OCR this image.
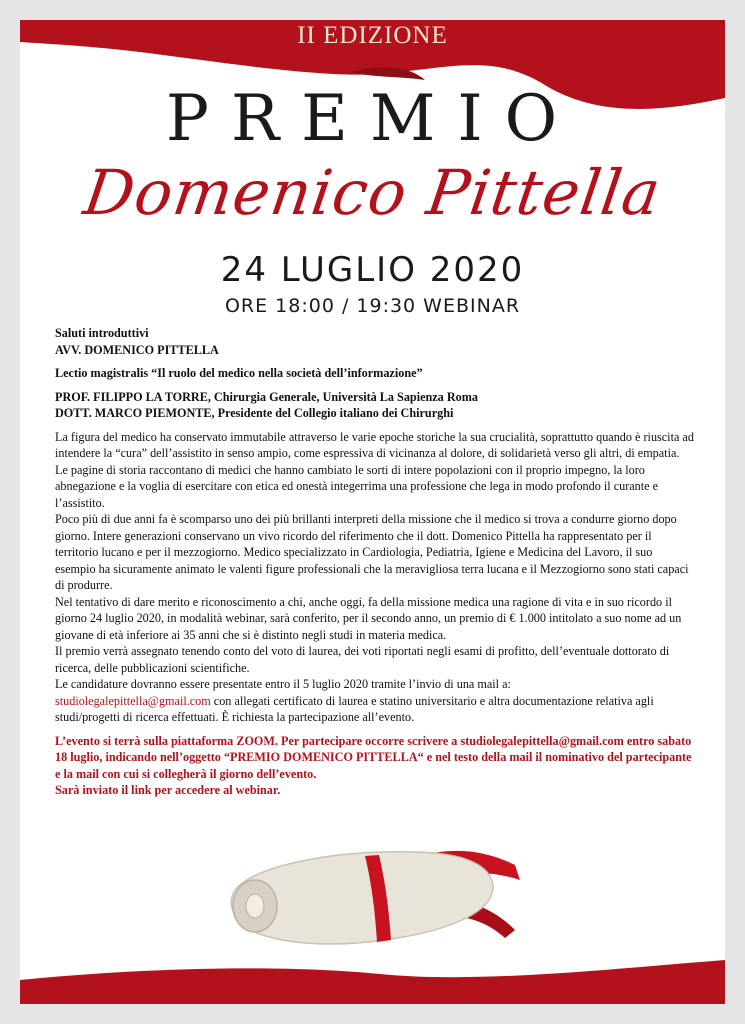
II EDIZIONE
PREMIO
Domenico Pittella
24 LUGLIO 2020
ORE 18:00 / 19:30 WEBINAR

Saluti introduttivi

AVV. DOMENICO PITTELLA

Lectio magistralis “Il ruolo del medico nella società dell’informazione”

PROF. FILIPPO LA TORRE, Chirurgia Generale, Università La Sapienza Roma

DOTT. MARCO PIEMONTE, Presidente del Collegio italiano dei Chirurghi

La figura del medico ha conservato immutabile attraverso le varie epoche storiche la sua crucialità, soprattutto quando è riuscita ad intendere la “cura” dell’assistito in senso ampio, come espressiva di vicinanza al dolore, di solidarietà verso gli altri, di empatia.

Le pagine di storia raccontano di medici che hanno cambiato le sorti di intere popolazioni con il proprio impegno, la loro abnegazione e la voglia di esercitare con etica ed onestà integerrima una professione che lega in modo profondo il curante e l’assistito.

Poco più di due anni fa è scomparso uno dei più brillanti interpreti della missione che il medico si trova a condurre giorno dopo giorno. Intere generazioni conservano un vivo ricordo del riferimento che il dott. Domenico Pittella ha rappresentato per il territorio lucano e per il mezzogiorno. Medico specializzato in Cardiologia, Pediatria, Igiene e Medicina del Lavoro, il suo esempio ha sicuramente animato le valenti figure professionali che la meravigliosa terra lucana e il Mezzogiorno sono stati capaci di produrre.

Nel tentativo di dare merito e riconoscimento a chi, anche oggi, fa della missione medica una ragione di vita e in suo ricordo il giorno 24 luglio 2020, in modalità webinar, sarà conferito, per il secondo anno, un premio di € 1.000 intitolato a suo nome ad un giovane di età inferiore ai 35 anni che si è distinto negli studi in materia medica.

Il premio verrà assegnato tenendo conto del voto di laurea, dei voti riportati negli esami di profitto, dell’eventuale dottorato di ricerca, delle pubblicazioni scientifiche.

Le candidature dovranno essere presentate entro il 5 luglio 2020 tramite l’invio di una mail a:

studiolegalepittella@gmail.com con allegati certificato di laurea e statino universitario e altra documentazione relativa agli studi/progetti di ricerca effettuati. È richiesta la partecipazione all’evento.

L’evento si terrà sulla piattaforma ZOOM. Per partecipare occorre scrivere a studiolegalepittella@gmail.com entro sabato 18 luglio, indicando nell’oggetto “PREMIO DOMENICO PITTELLA“ e nel testo della mail il nominativo del partecipante e la mail con cui si collegherà il giorno dell’evento.

Sarà inviato il link per accedere al webinar.
